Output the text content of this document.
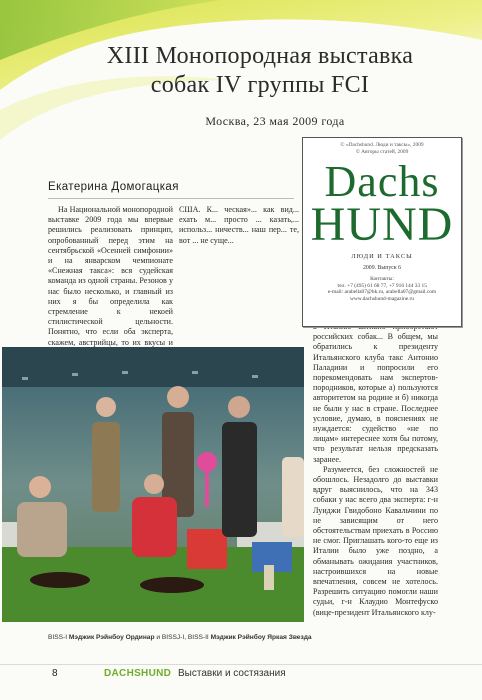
XIII Монопородная выставка
собак IV группы FCI
Москва, 23 мая 2009 года
Екатерина Домогацкая

На Национальной монопородной выставке 2009 года мы впервые решились реализовать принцип, опробованный перед этим на сентябрьской «Осенней симфонии» и на январском чемпионате «Снежная такса»: вся судейская команда из одной страны. Резонов у нас было несколько, и главный из них я бы определила как стремление к некоей стилистической цельности. Понятно, что если оба эксперта, скажем, австрийцы, то их вкусы и

США. К... ческая»... как вид... ехать м... просто ... казать,... использ... ничеств... наш пер... те, вот ... не суще...

российских собак... В общем, мы обратились к президенту Итальянского клуба такс Антонио Паладини и попросили его порекомендовать нам экспертов-породников, которые а) пользуются авторитетом на родине и б) никогда не были у нас в стране. Последнее условие, думаю, в пояснениях не нуждается: судейство «не по лицам» интереснее хотя бы потому, что результат нельзя предсказать заранее.

Разумеется, без сложностей не обошлось. Незадолго до выставки вдруг выяснилось, что на 343 собаки у нас всего два эксперта: г-н Луиджи Гвидобоно Кавальчини по не зависящим от него обстоятельствам приехать в Россию не смог. Приглашать кого-то еще из Италии было уже поздно, а обманывать ожидания участников, настроившихся на новые впечатления, совсем не хотелось. Разрешить ситуацию помогли наши судьи, г-н Клаудио Монтефуско (вице-президент Итальянского клу-

© «Dachshund. Люди и таксы», 2009
© Авторы статей, 2009
Dachs
HUND
ЛЮДИ И ТАКСЫ
2009. Выпуск 6
Контакты:
тел. +7 (495) 61 68 77, +7 916 144 33 15
e-mail: arabella07@bk.ru, arabella07@gmail.com
www.dachshund-magazine.ru
BISS-I Мэджик Рэйнбоу Ординар и BISSJ-I, BISS-II Мэджик Рэйнбоу Яркая Звезда
8	DACHSHUND Выставки и состязания
